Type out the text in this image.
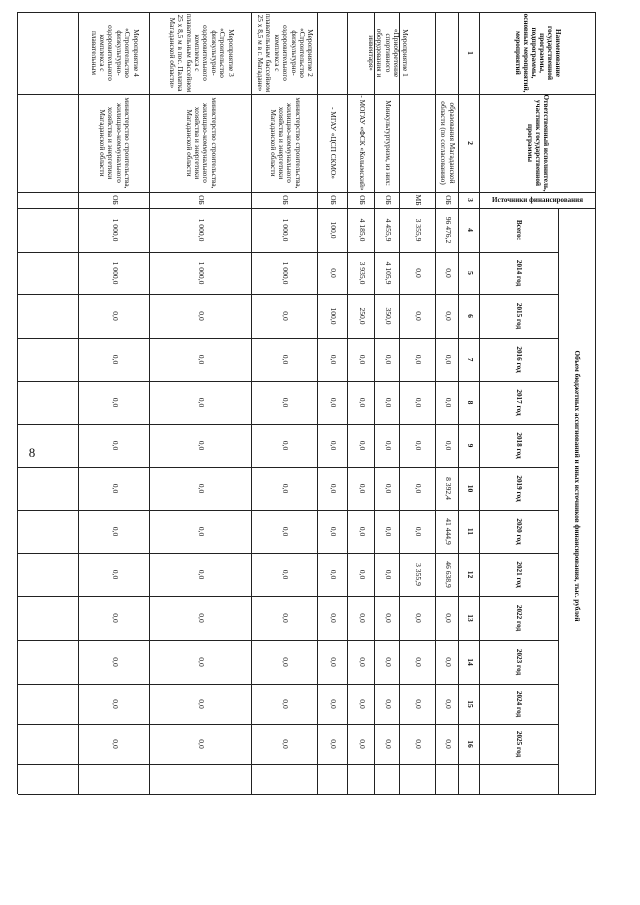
8
Наименование государственной программы, подпрограммы, основных мероприятий, мероприятий
Ответственный исполнитель, участник государственной программы
Источники финансирования
Объем бюджетных ассигнований и иных источников финансирования, тыс. рублей
Всего:
2014 год
2015 год
2016 год
2017 год
2018 год
2019 год
2020 год
2021 год
2022 год
2023 год
2024 год
2025 год
1
2
3
4
5
6
7
8
9
10
11
12
13
14
15
16
образования Магаданской области (по согласованию)
ОБ
96 476,2
0,0
0,0
0,0
0,0
0,0
8 392,4
41 444,9
46 638,9
0,0
0,0
0,0
0,0
МБ
3 355,9
0,0
0,0
0,0
0,0
0,0
0,0
0,0
3 355,9
0,0
0,0
0,0
0,0
Мероприятие 1 «Приобретение спортивного оборудования и инвентаря»
Минкультуртуризм, из них:
ОБ
4 455,9
4 105,9
350,0
0,0
0,0
0,0
0,0
0,0
0,0
0,0
0,0
0,0
0,0
- МОГАУ «ФСК «Колымский»
ОБ
4 185,0
3 935,0
250,0
0,0
0,0
0,0
0,0
0,0
0,0
0,0
0,0
0,0
0,0
- МГАУ «ЦСП СКМО»
ОБ
100,0
0,0
100,0
0,0
0,0
0,0
0,0
0,0
0,0
0,0
0,0
0,0
0,0
Мероприятие 2 «Строительство физкультурно-оздоровительного комплекса с плавательным бассейном 25 х 8,5 м в г. Магадане»
министерство строительства, жилищно-коммунального хозяйства и энергетики Магаданской области
ОБ
1 000,0
1 000,0
0,0
0,0
0,0
0,0
0,0
0,0
0,0
0,0
0,0
0,0
0,0
Мероприятие 3 «Строительство физкультурно-оздоровительного комплекса с плавательным бассейном 25 х 8,5 м в пос. Палатка Магаданской области»
министерство строительства, жилищно-коммунального хозяйства и энергетики Магаданской области
ОБ
1 000,0
1 000,0
0,0
0,0
0,0
0,0
0,0
0,0
0,0
0,0
0,0
0,0
0,0
Мероприятие 4 «Строительство физкультурно-оздоровительного комплекса с плавательным
министерство строительства, жилищно-коммунального хозяйства и энергетики Магаданской области
ОБ
1 000,0
1 000,0
0,0
0,0
0,0
0,0
0,0
0,0
0,0
0,0
0,0
0,0
0,0
